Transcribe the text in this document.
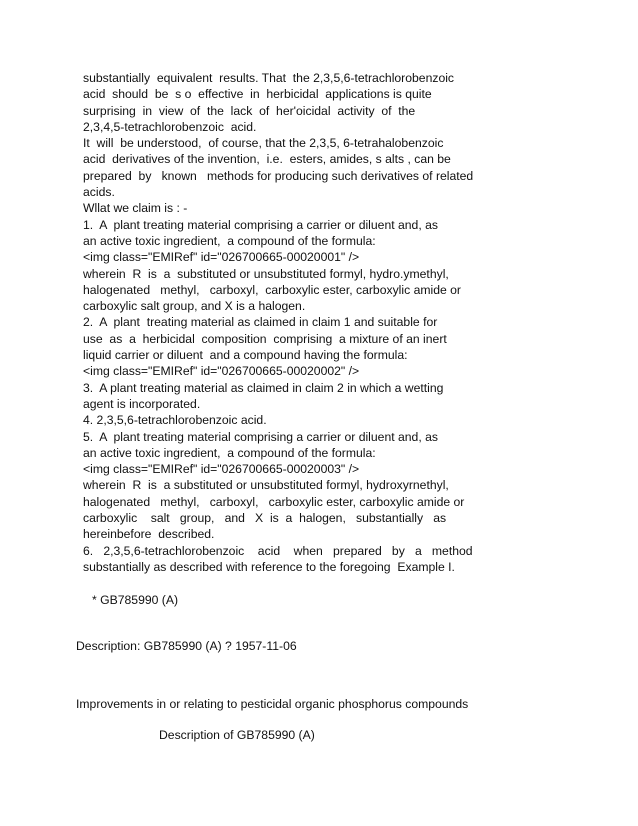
substantially  equivalent  results. That  the 2,3,5,6-tetrachlorobenzoic
acid  should  be  s o  effective  in  herbicidal  applications is quite
surprising  in  view  of  the  lack  of  her'oicidal  activity  of  the
2,3,4,5-tetrachlorobenzoic  acid.
It  will  be understood,  of course, that the 2,3,5, 6-tetrahalobenzoic
acid  derivatives of the invention,  i.e.  esters, amides, s alts , can be
prepared  by   known   methods for producing such derivatives of related
acids.
Wllat we claim is : -
1.  A  plant treating material comprising a carrier or diluent and, as
an active toxic ingredient,  a compound of the formula:
<img class="EMIRef" id="026700665-00020001" />
wherein  R  is  a  substituted or unsubstituted formyl, hydro.ymethyl,
halogenated   methyl,   carboxyl,  carboxylic ester, carboxylic amide or
carboxylic salt group, and X is a halogen.
2.  A  plant  treating material as claimed in claim 1 and suitable for
use  as  a  herbicidal  composition  comprising  a mixture of an inert
liquid carrier or diluent  and a compound having the formula:
<img class="EMIRef" id="026700665-00020002" />
3.  A plant treating material as claimed in claim 2 in which a wetting
agent is incorporated.
4. 2,3,5,6-tetrachlorobenzoic acid.
5.  A  plant treating material comprising a carrier or diluent and, as
an active toxic ingredient,  a compound of the formula:
<img class="EMIRef" id="026700665-00020003" />
wherein  R  is  a substituted or unsubstituted formyl, hydroxyrnethyl,
halogenated   methyl,   carboxyl,   carboxylic ester, carboxylic amide or
carboxylic    salt   group,   and   X  is  a  halogen,   substantially   as
hereinbefore  described.
6.   2,3,5,6-tetrachlorobenzoic    acid    when   prepared   by   a   method
substantially as described with reference to the foregoing  Example I.
* GB785990 (A)
Description: GB785990 (A) ? 1957-11-06
Improvements in or relating to pesticidal organic phosphorus compounds
Description of GB785990 (A)
